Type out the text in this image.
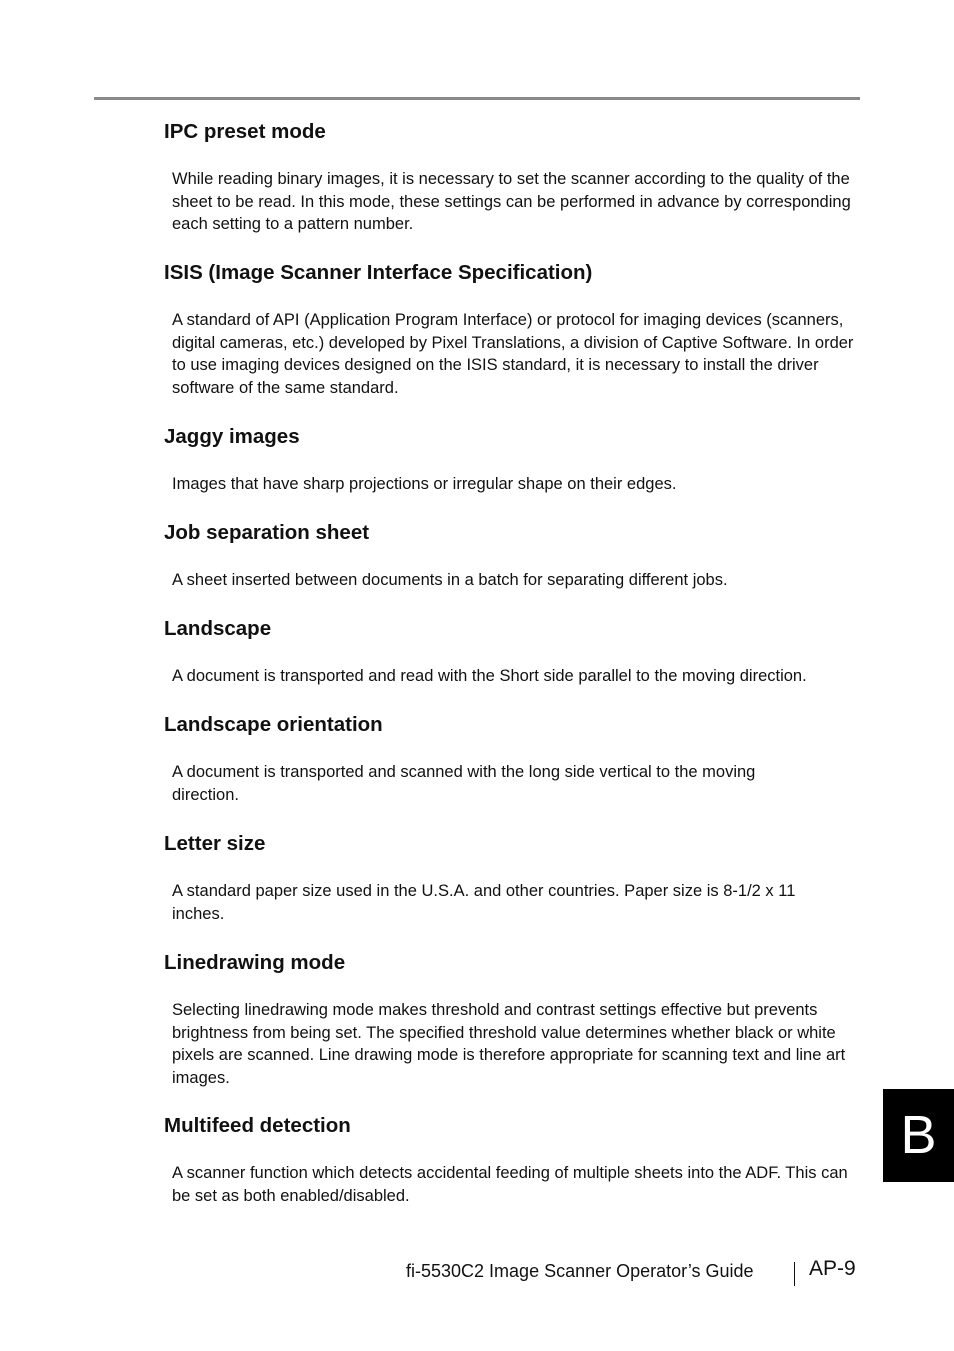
IPC preset mode

While reading binary images, it is necessary to set the scanner according to the quality of the sheet to be read. In this mode, these settings can be performed in advance by corresponding each setting to a pattern number.

ISIS (Image Scanner Interface Specification)

A standard of API (Application Program Interface) or protocol for imaging devices (scanners, digital cameras, etc.) developed by Pixel Translations, a division of Captive Software. In order to use imaging devices designed on the ISIS standard, it is necessary to install the driver software of the same standard.

Jaggy images

Images that have sharp projections or irregular shape on their edges.

Job separation sheet

A sheet inserted between documents in a batch for separating different jobs.

Landscape

A document is transported and read with the Short side parallel to the moving direction.

Landscape orientation

A document is transported and scanned with the long side vertical to the moving direction.

Letter size

A standard paper size used in the U.S.A. and other countries. Paper size is 8-1/2 x 11 inches.

Linedrawing mode

Selecting linedrawing mode makes threshold and contrast settings effective but prevents brightness from being set. The specified threshold value determines whether black or white pixels are scanned. Line drawing mode is therefore appropriate for scanning text and line art images.

Multifeed detection

A scanner function which detects accidental feeding of multiple sheets into the ADF. This can be set as both enabled/disabled.

B
fi-5530C2 Image Scanner Operator’s Guide	AP-9
